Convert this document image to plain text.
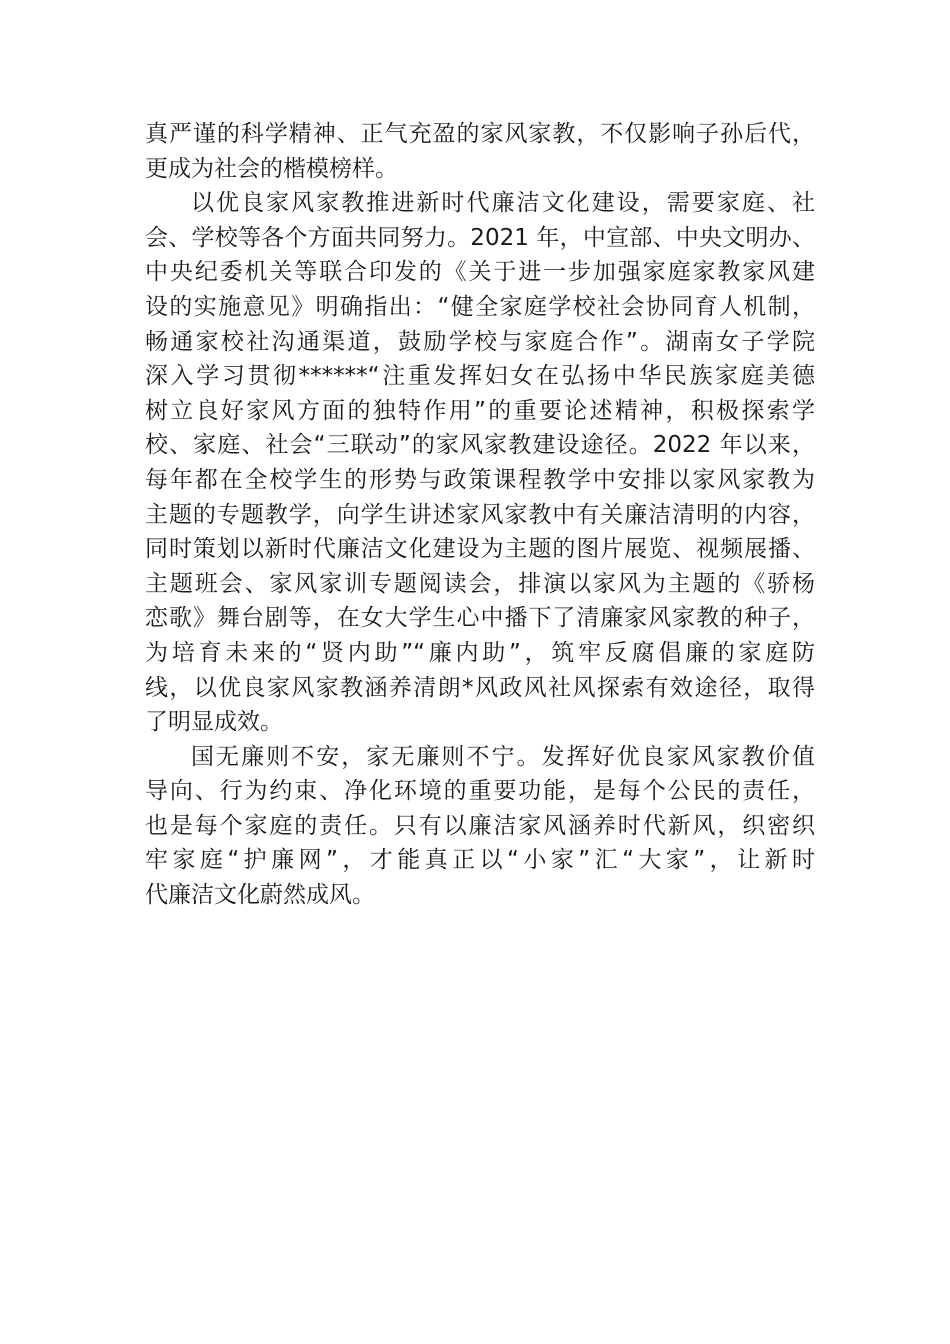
真严谨的科学精神、正气充盈的家风家教，不仅影响子孙后代，
更成为社会的楷模榜样。
以优良家风家教推进新时代廉洁文化建设，需要家庭、社
会、学校等各个方面共同努力。2021 年，中宣部、中央文明办、
中央纪委机关等联合印发的《关于进一步加强家庭家教家风建
设的实施意见》明确指出：“健全家庭学校社会协同育人机制，
畅通家校社沟通渠道，鼓励学校与家庭合作”。湖南女子学院
深入学习贯彻******“注重发挥妇女在弘扬中华民族家庭美德
树立良好家风方面的独特作用”的重要论述精神，积极探索学
校、家庭、社会“三联动”的家风家教建设途径。2022 年以来，
每年都在全校学生的形势与政策课程教学中安排以家风家教为
主题的专题教学，向学生讲述家风家教中有关廉洁清明的内容，
同时策划以新时代廉洁文化建设为主题的图片展览、视频展播、
主题班会、家风家训专题阅读会，排演以家风为主题的《骄杨
恋歌》舞台剧等，在女大学生心中播下了清廉家风家教的种子，
为培育未来的“贤内助”“廉内助”，筑牢反腐倡廉的家庭防
线，以优良家风家教涵养清朗*风政风社风探索有效途径，取得
了明显成效。
国无廉则不安，家无廉则不宁。发挥好优良家风家教价值
导向、行为约束、净化环境的重要功能，是每个公民的责任，
也是每个家庭的责任。只有以廉洁家风涵养时代新风，织密织
牢家庭“护廉网”，才能真正以“小家”汇“大家”，让新时
代廉洁文化蔚然成风。
